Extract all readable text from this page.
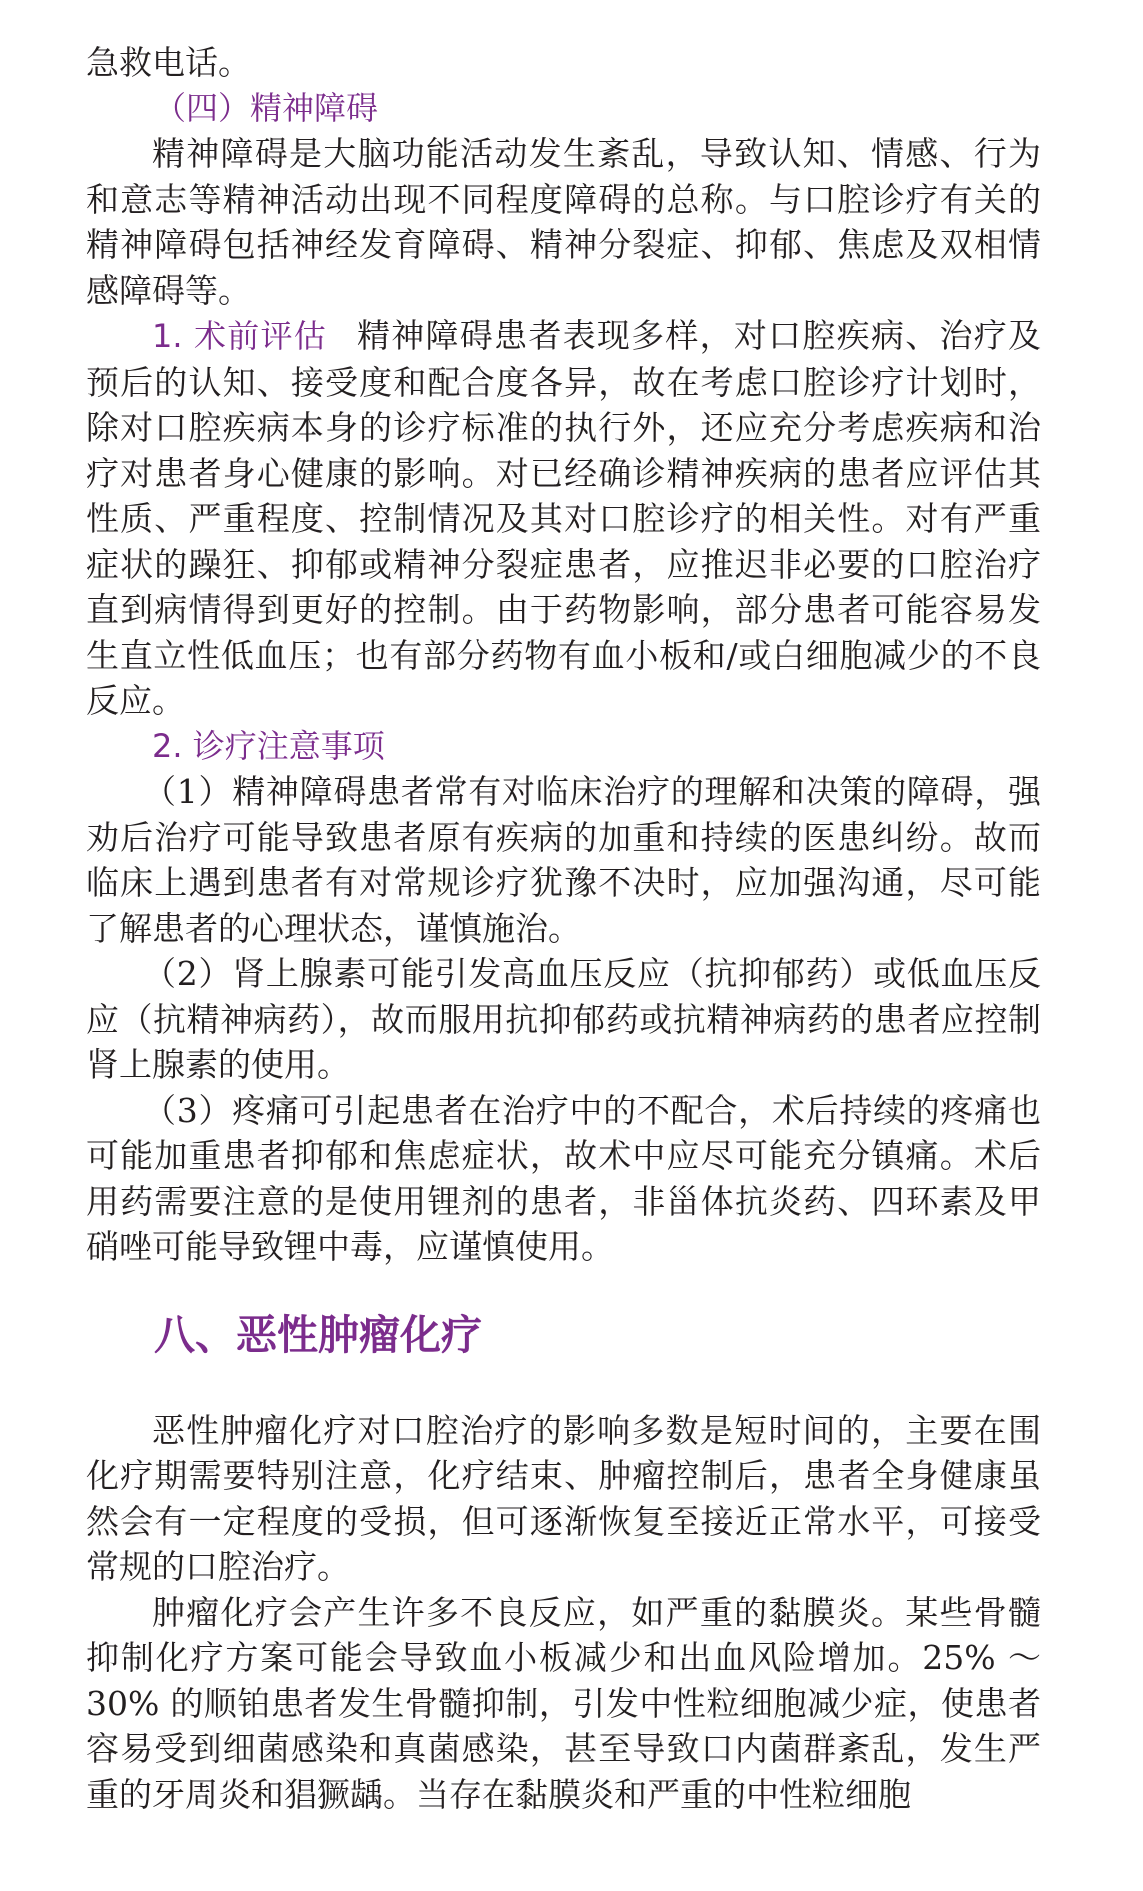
急救电话。

（四）精神障碍

精神障碍是大脑功能活动发生紊乱，导致认知、情感、行为和意志等精神活动出现不同程度障碍的总称。与口腔诊疗有关的精神障碍包括神经发育障碍、精神分裂症、抑郁、焦虑及双相情感障碍等。

1. 术前评估 精神障碍患者表现多样，对口腔疾病、治疗及预后的认知、接受度和配合度各异，故在考虑口腔诊疗计划时，除对口腔疾病本身的诊疗标准的执行外，还应充分考虑疾病和治疗对患者身心健康的影响。对已经确诊精神疾病的患者应评估其性质、严重程度、控制情况及其对口腔诊疗的相关性。对有严重症状的躁狂、抑郁或精神分裂症患者，应推迟非必要的口腔治疗直到病情得到更好的控制。由于药物影响，部分患者可能容易发生直立性低血压；也有部分药物有血小板和/或白细胞减少的不良反应。

2. 诊疗注意事项

（1）精神障碍患者常有对临床治疗的理解和决策的障碍，强劝后治疗可能导致患者原有疾病的加重和持续的医患纠纷。故而临床上遇到患者有对常规诊疗犹豫不决时，应加强沟通，尽可能了解患者的心理状态，谨慎施治。

（2）肾上腺素可能引发高血压反应（抗抑郁药）或低血压反应（抗精神病药），故而服用抗抑郁药或抗精神病药的患者应控制肾上腺素的使用。

（3）疼痛可引起患者在治疗中的不配合，术后持续的疼痛也可能加重患者抑郁和焦虑症状，故术中应尽可能充分镇痛。术后用药需要注意的是使用锂剂的患者，非甾体抗炎药、四环素及甲硝唑可能导致锂中毒，应谨慎使用。

八、恶性肿瘤化疗

恶性肿瘤化疗对口腔治疗的影响多数是短时间的，主要在围化疗期需要特别注意，化疗结束、肿瘤控制后，患者全身健康虽然会有一定程度的受损，但可逐渐恢复至接近正常水平，可接受常规的口腔治疗。

肿瘤化疗会产生许多不良反应，如严重的黏膜炎。某些骨髓抑制化疗方案可能会导致血小板减少和出血风险增加。25% ～ 30% 的顺铂患者发生骨髓抑制，引发中性粒细胞减少症，使患者容易受到细菌感染和真菌感染，甚至导致口内菌群紊乱，发生严重的牙周炎和猖獗龋。当存在黏膜炎和严重的中性粒细胞
